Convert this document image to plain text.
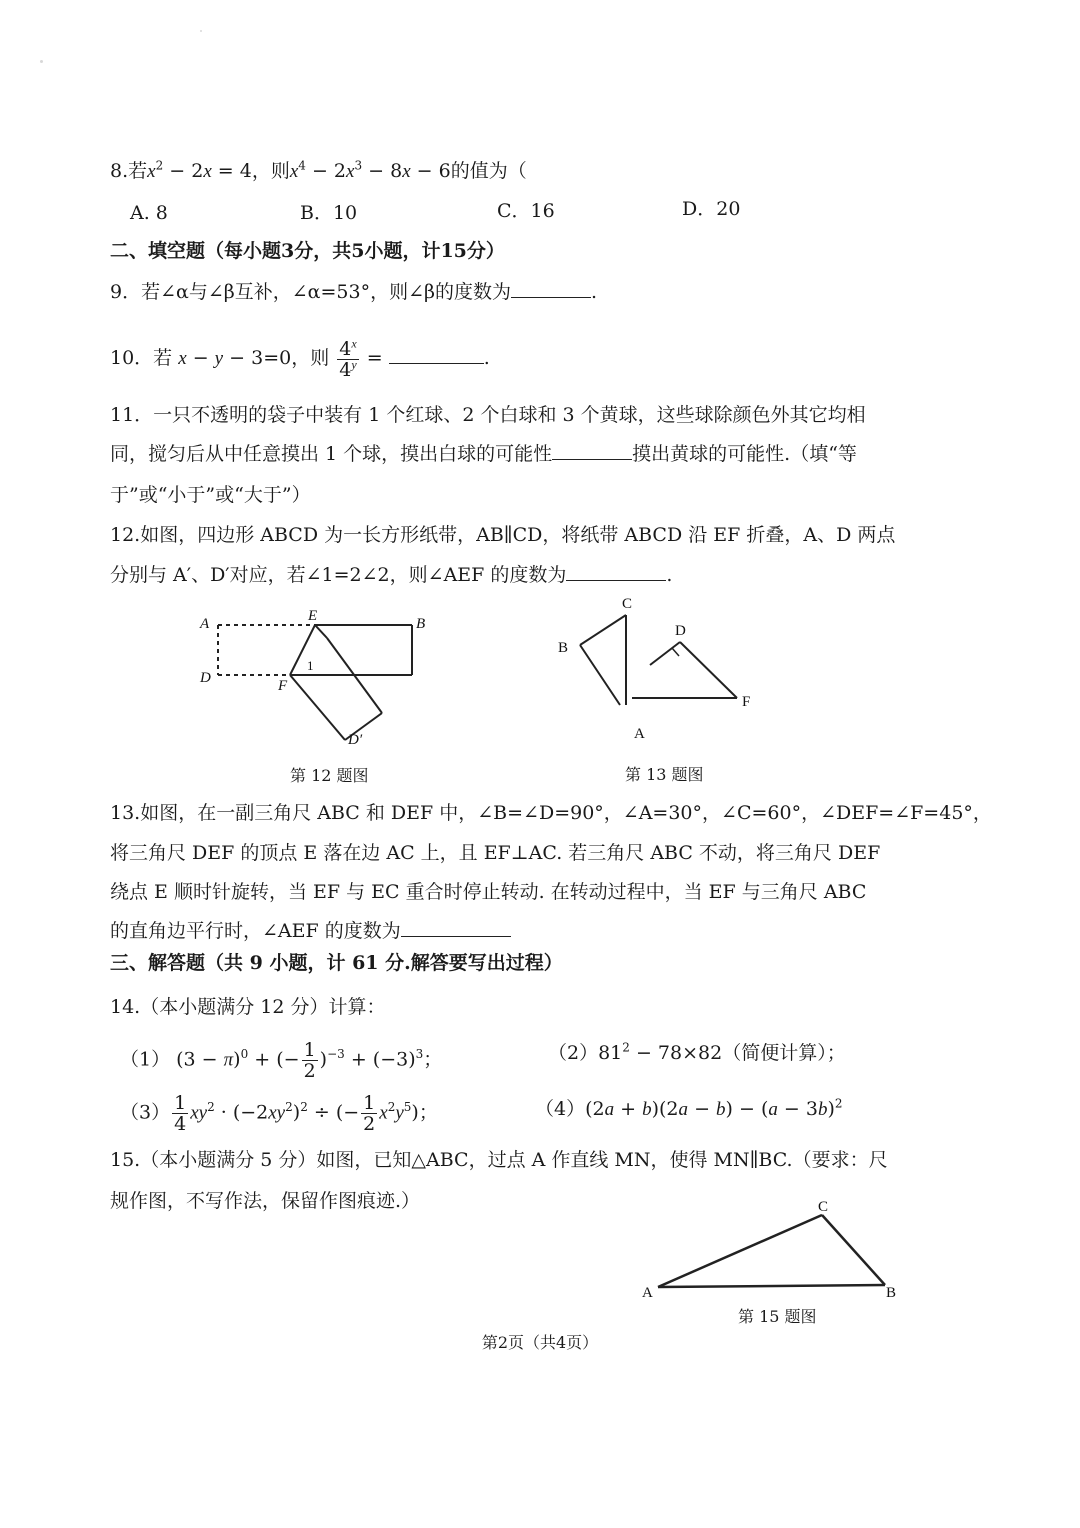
8.若$x^2 - 2x = 4$，则$x^4 - 2x^3 - 8x - 6$的值为（
A. 8	B．10	C．16	D．20
二、填空题（每小题3分，共5小题，计15分）
9．若∠α与∠β互补，∠α=53°，则∠β的度数为	.
10．若 x − y − 3=0，则 $\frac{4^x}{4^y}$ =	.
11．一只不透明的袋子中装有 1 个红球、2 个白球和 3 个黄球，这些球除颜色外其它均相
同，搅匀后从中任意摸出 1 个球，摸出白球的可能性	摸出黄球的可能性.（填“等
于”或“小于”或“大于”）
12.如图，四边形 ABCD 为一长方形纸带，AB∥CD，将纸带 ABCD 沿 EF 折叠，A、D 两点
分别与 A′、D′对应，若∠1=2∠2，则∠AEF 的度数为	.
A	E	B
D	F
1
D′
第 12 题图
C
B
D
F
A
第 13 题图
13.如图，在一副三角尺 ABC 和 DEF 中，∠B=∠D=90°，∠A=30°，∠C=60°，∠DEF=∠F=45°，
将三角尺 DEF 的顶点 E 落在边 AC 上，且 EF⊥AC. 若三角尺 ABC 不动，将三角尺 DEF
绕点 E 顺时针旋转，当 EF 与 EC 重合时停止转动. 在转动过程中，当 EF 与三角尺 ABC
的直角边平行时，∠AEF 的度数为
三、解答题（共 9 小题，计 61 分.解答要写出过程）
14.（本小题满分 12 分）计算：
（1） $(3 - \pi)^0$ + (− $\frac{1}{2} )^{-3} + (-3)^3$；	$(2)81^2 - 78\times 82$（简便计算）；
$(3) \frac{1}{4} xy^2 \cdot (-2xy^2)^2$ ÷ (− $\frac{1}{2} x^2y^5$)；	$(4)(2a + b)(2a - b) - (a - 3b)^2$
15.（本小题满分 5 分）如图，已知△ABC，过点 A 作直线 MN，使得 MN∥BC.（要求：尺
规作图，不写作法，保留作图痕迹.）
A	B
C
第 15 题图
第2页（共4页）
